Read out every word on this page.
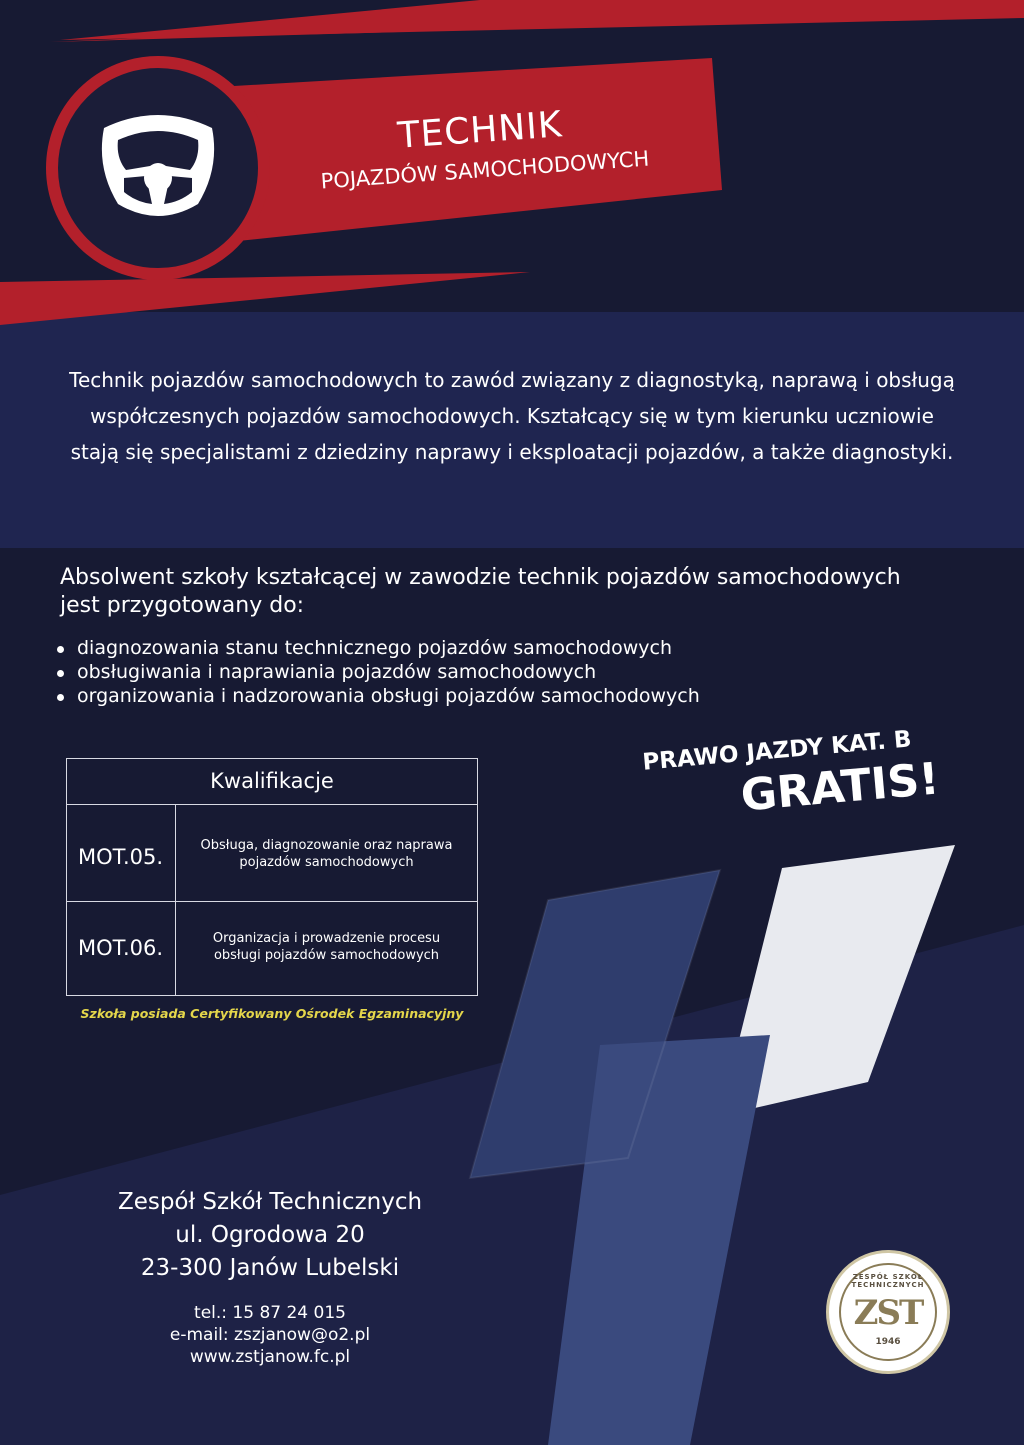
TECHNIK
POJAZDÓW SAMOCHODOWYCH
Technik pojazdów samochodowych to zawód związany z diagnostyką, naprawą i obsługą
współczesnych pojazdów samochodowych. Kształcący się w tym kierunku uczniowie
stają się specjalistami z dziedziny naprawy i eksploatacji pojazdów, a także diagnostyki.
Absolwent szkoły kształcącej w zawodzie technik pojazdów samochodowych
jest przygotowany do:
diagnozowania stanu technicznego pojazdów samochodowych
obsługiwania i naprawiania pojazdów samochodowych
organizowania i nadzorowania obsługi pojazdów samochodowych
Kwalifikacje
MOT.05.	Obsługa, diagnozowanie oraz naprawa
pojazdów samochodowych
MOT.06.	Organizacja i prowadzenie procesu
obsługi pojazdów samochodowych
Szkoła posiada Certyfikowany Ośrodek Egzaminacyjny
PRAWO JAZDY KAT. B
GRATIS!
Zespół Szkół Technicznych
ul. Ogrodowa 20
23-300 Janów Lubelski
tel.: 15 87 24 015
e-mail: zszjanow@o2.pl
www.zstjanow.fc.pl
ZESPÓŁ SZKÓŁ TECHNICZNYCH
ZST
1946
